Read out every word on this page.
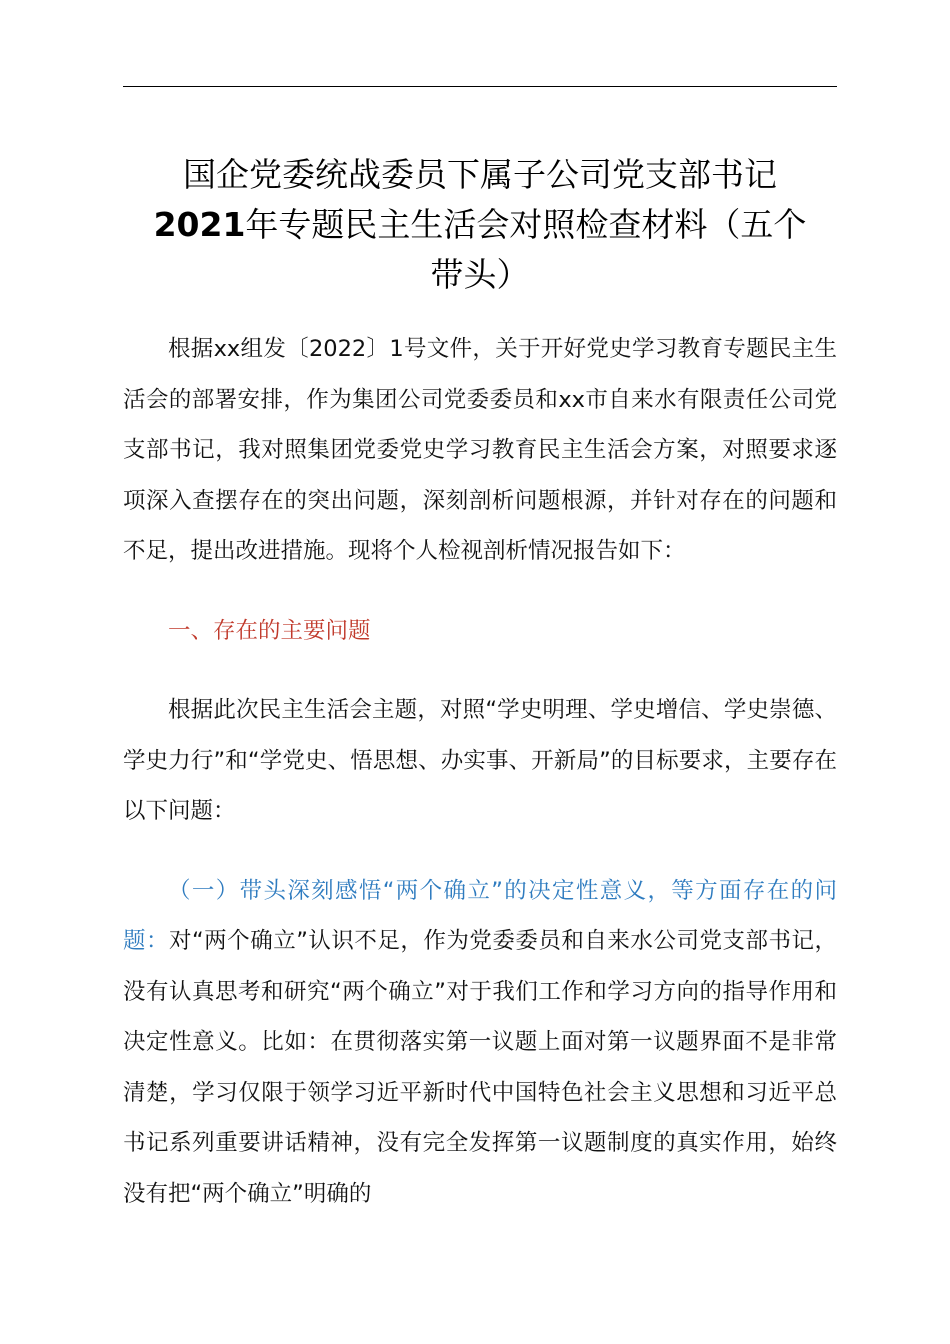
国企党委统战委员下属子公司党支部书记
2021年专题民主生活会对照检查材料（五个
带头）

根据xx组发〔2022〕1号文件，关于开好党史学习教育专题民主生活会的部署安排，作为集团公司党委委员和xx市自来水有限责任公司党支部书记，我对照集团党委党史学习教育民主生活会方案，对照要求逐项深入查摆存在的突出问题，深刻剖析问题根源，并针对存在的问题和不足，提出改进措施。现将个人检视剖析情况报告如下：

一、存在的主要问题

根据此次民主生活会主题，对照“学史明理、学史增信、学史崇德、学史力行”和“学党史、悟思想、办实事、开新局”的目标要求，主要存在以下问题：

（一）带头深刻感悟“两个确立”的决定性意义，等方面存在的问题：对“两个确立”认识不足，作为党委委员和自来水公司党支部书记，没有认真思考和研究“两个确立”对于我们工作和学习方向的指导作用和决定性意义。比如：在贯彻落实第一议题上面对第一议题界面不是非常清楚，学习仅限于领学习近平新时代中国特色社会主义思想和习近平总书记系列重要讲话精神，没有完全发挥第一议题制度的真实作用，始终没有把“两个确立”明确的
